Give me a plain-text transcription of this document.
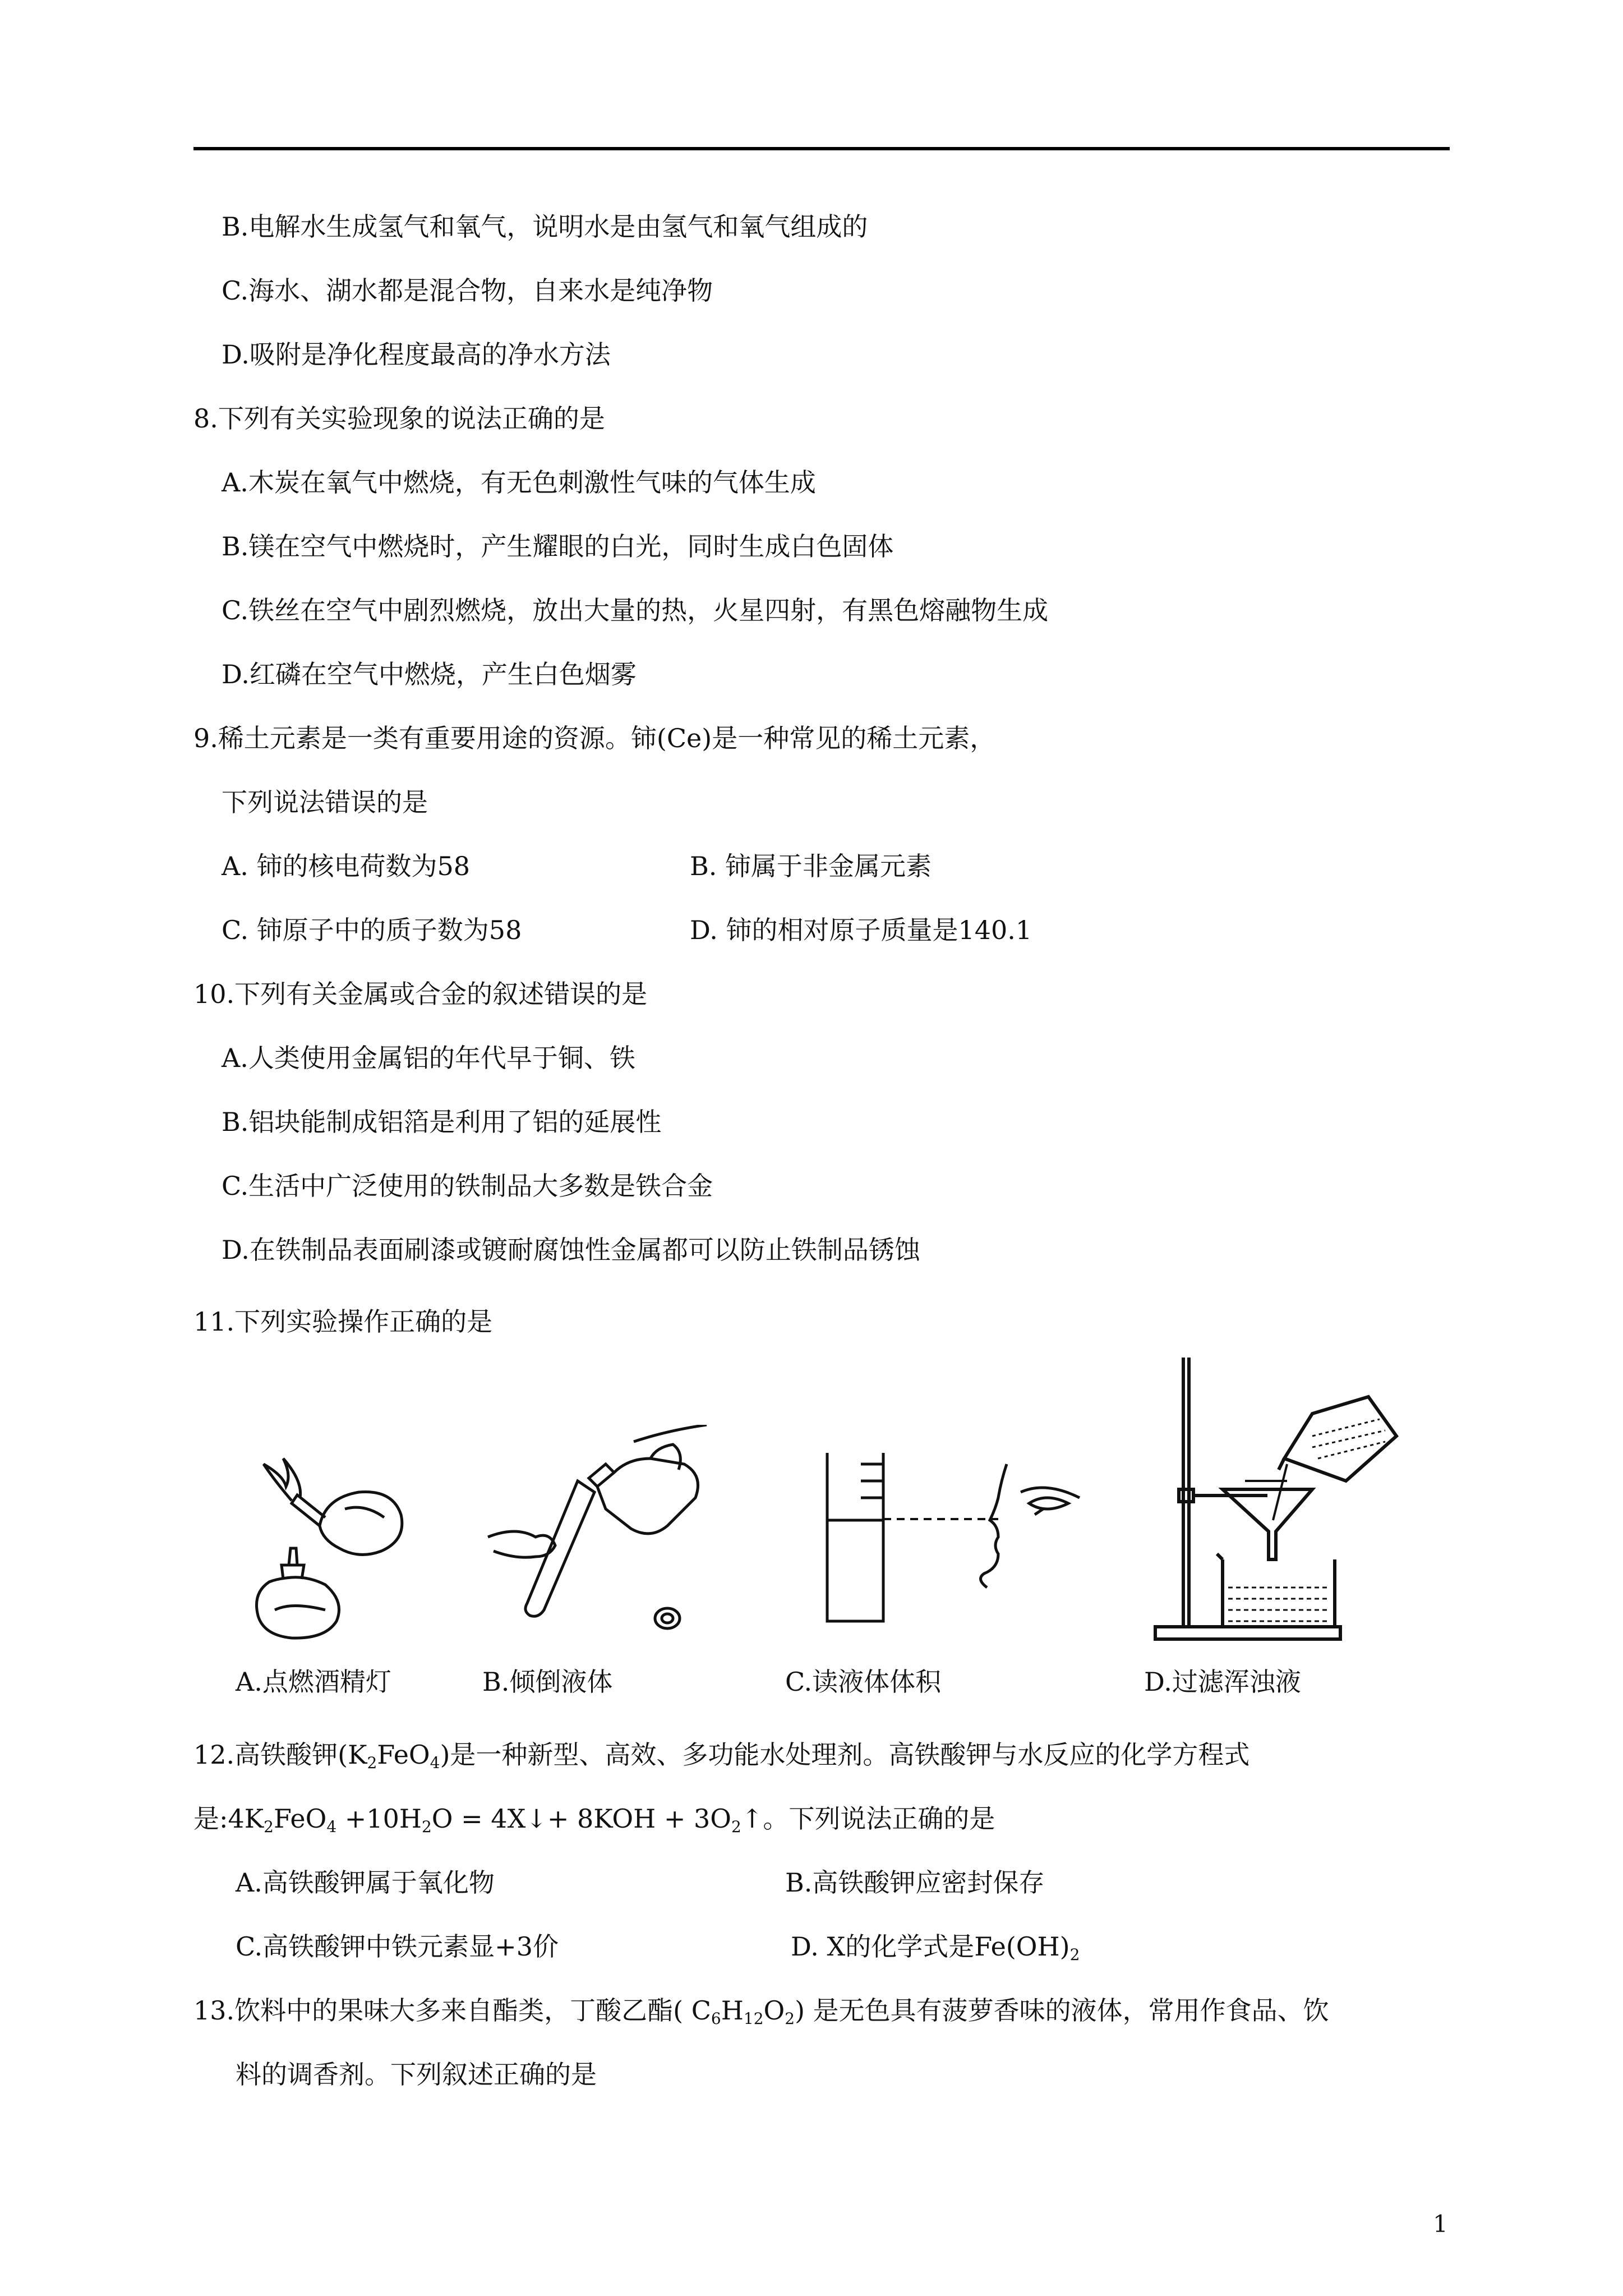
B.电解水生成氢气和氧气，说明水是由氢气和氧气组成的
C.海水、湖水都是混合物，自来水是纯净物
D.吸附是净化程度最高的净水方法
8.下列有关实验现象的说法正确的是
A.木炭在氧气中燃烧，有无色刺激性气味的气体生成
B.镁在空气中燃烧时，产生耀眼的白光，同时生成白色固体
C.铁丝在空气中剧烈燃烧，放出大量的热，火星四射，有黑色熔融物生成
D.红磷在空气中燃烧，产生白色烟雾
9.稀土元素是一类有重要用途的资源。铈(Ce)是一种常见的稀土元素，
下列说法错误的是
A. 铈的核电荷数为58	B. 铈属于非金属元素
C. 铈原子中的质子数为58	D. 铈的相对原子质量是140.1
10.下列有关金属或合金的叙述错误的是
A.人类使用金属铝的年代早于铜、铁
B.铝块能制成铝箔是利用了铝的延展性
C.生活中广泛使用的铁制品大多数是铁合金
D.在铁制品表面刷漆或镀耐腐蚀性金属都可以防止铁制品锈蚀
11.下列实验操作正确的是
A.点燃酒精灯	B.倾倒液体	C.读液体体积	D.过滤浑浊液
12.高铁酸钾$(K_2FeO_4)$是一种新型、高效、多功能水处理剂。高铁酸钾与水反应的化学方程式
是$:4K_2FeO_4 +10H_2O$ = 4X↓+ $8KOH + 3O_2↑$。下列说法正确的是
A.高铁酸钾属于氧化物	B.高铁酸钾应密封保存
C.高铁酸钾中铁元素显+3价	D. X的化学式是$Fe(OH)_2$
13.饮料中的果味大多来自酯类，丁酸乙酯( $C_6H_{12}O_2$) 是无色具有菠萝香味的液体，常用作食品、饮
料的调香剂。下列叙述正确的是
1
